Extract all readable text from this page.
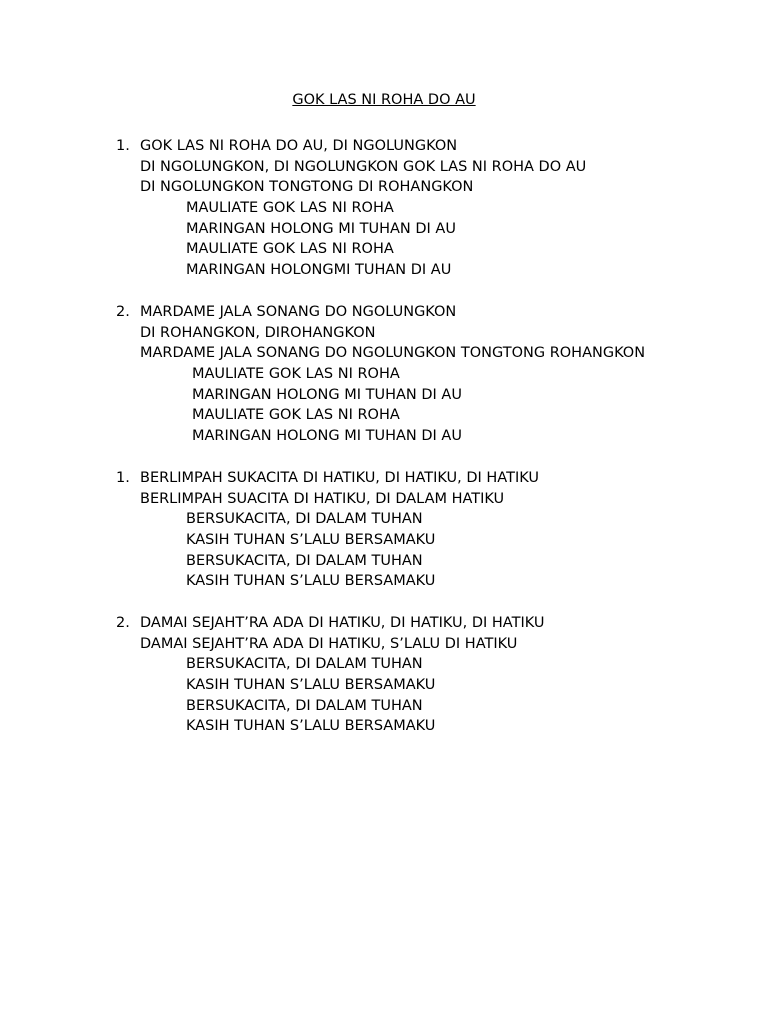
GOK LAS NI ROHA DO AU
1. GOK LAS NI ROHA DO AU, DI NGOLUNGKON
DI NGOLUNGKON, DI NGOLUNGKON GOK LAS NI ROHA DO AU
DI NGOLUNGKON TONGTONG DI ROHANGKON
MAULIATE GOK LAS NI ROHA
MARINGAN HOLONG MI TUHAN DI AU
MAULIATE GOK LAS NI ROHA
MARINGAN HOLONGMI TUHAN DI AU
2. MARDAME JALA SONANG DO NGOLUNGKON
DI ROHANGKON, DIROHANGKON
MARDAME JALA SONANG DO NGOLUNGKON TONGTONG ROHANGKON
MAULIATE GOK LAS NI ROHA
MARINGAN HOLONG MI TUHAN DI AU
MAULIATE GOK LAS NI ROHA
MARINGAN HOLONG MI TUHAN DI AU
1. BERLIMPAH SUKACITA DI HATIKU, DI HATIKU, DI HATIKU
BERLIMPAH SUACITA DI HATIKU, DI DALAM HATIKU
BERSUKACITA, DI DALAM TUHAN
KASIH TUHAN S’LALU BERSAMAKU
BERSUKACITA, DI DALAM TUHAN
KASIH TUHAN S’LALU BERSAMAKU
2. DAMAI SEJAHT’RA ADA DI HATIKU, DI HATIKU, DI HATIKU
DAMAI SEJAHT’RA ADA DI HATIKU, S’LALU DI HATIKU
BERSUKACITA, DI DALAM TUHAN
KASIH TUHAN S’LALU BERSAMAKU
BERSUKACITA, DI DALAM TUHAN
KASIH TUHAN S’LALU BERSAMAKU
